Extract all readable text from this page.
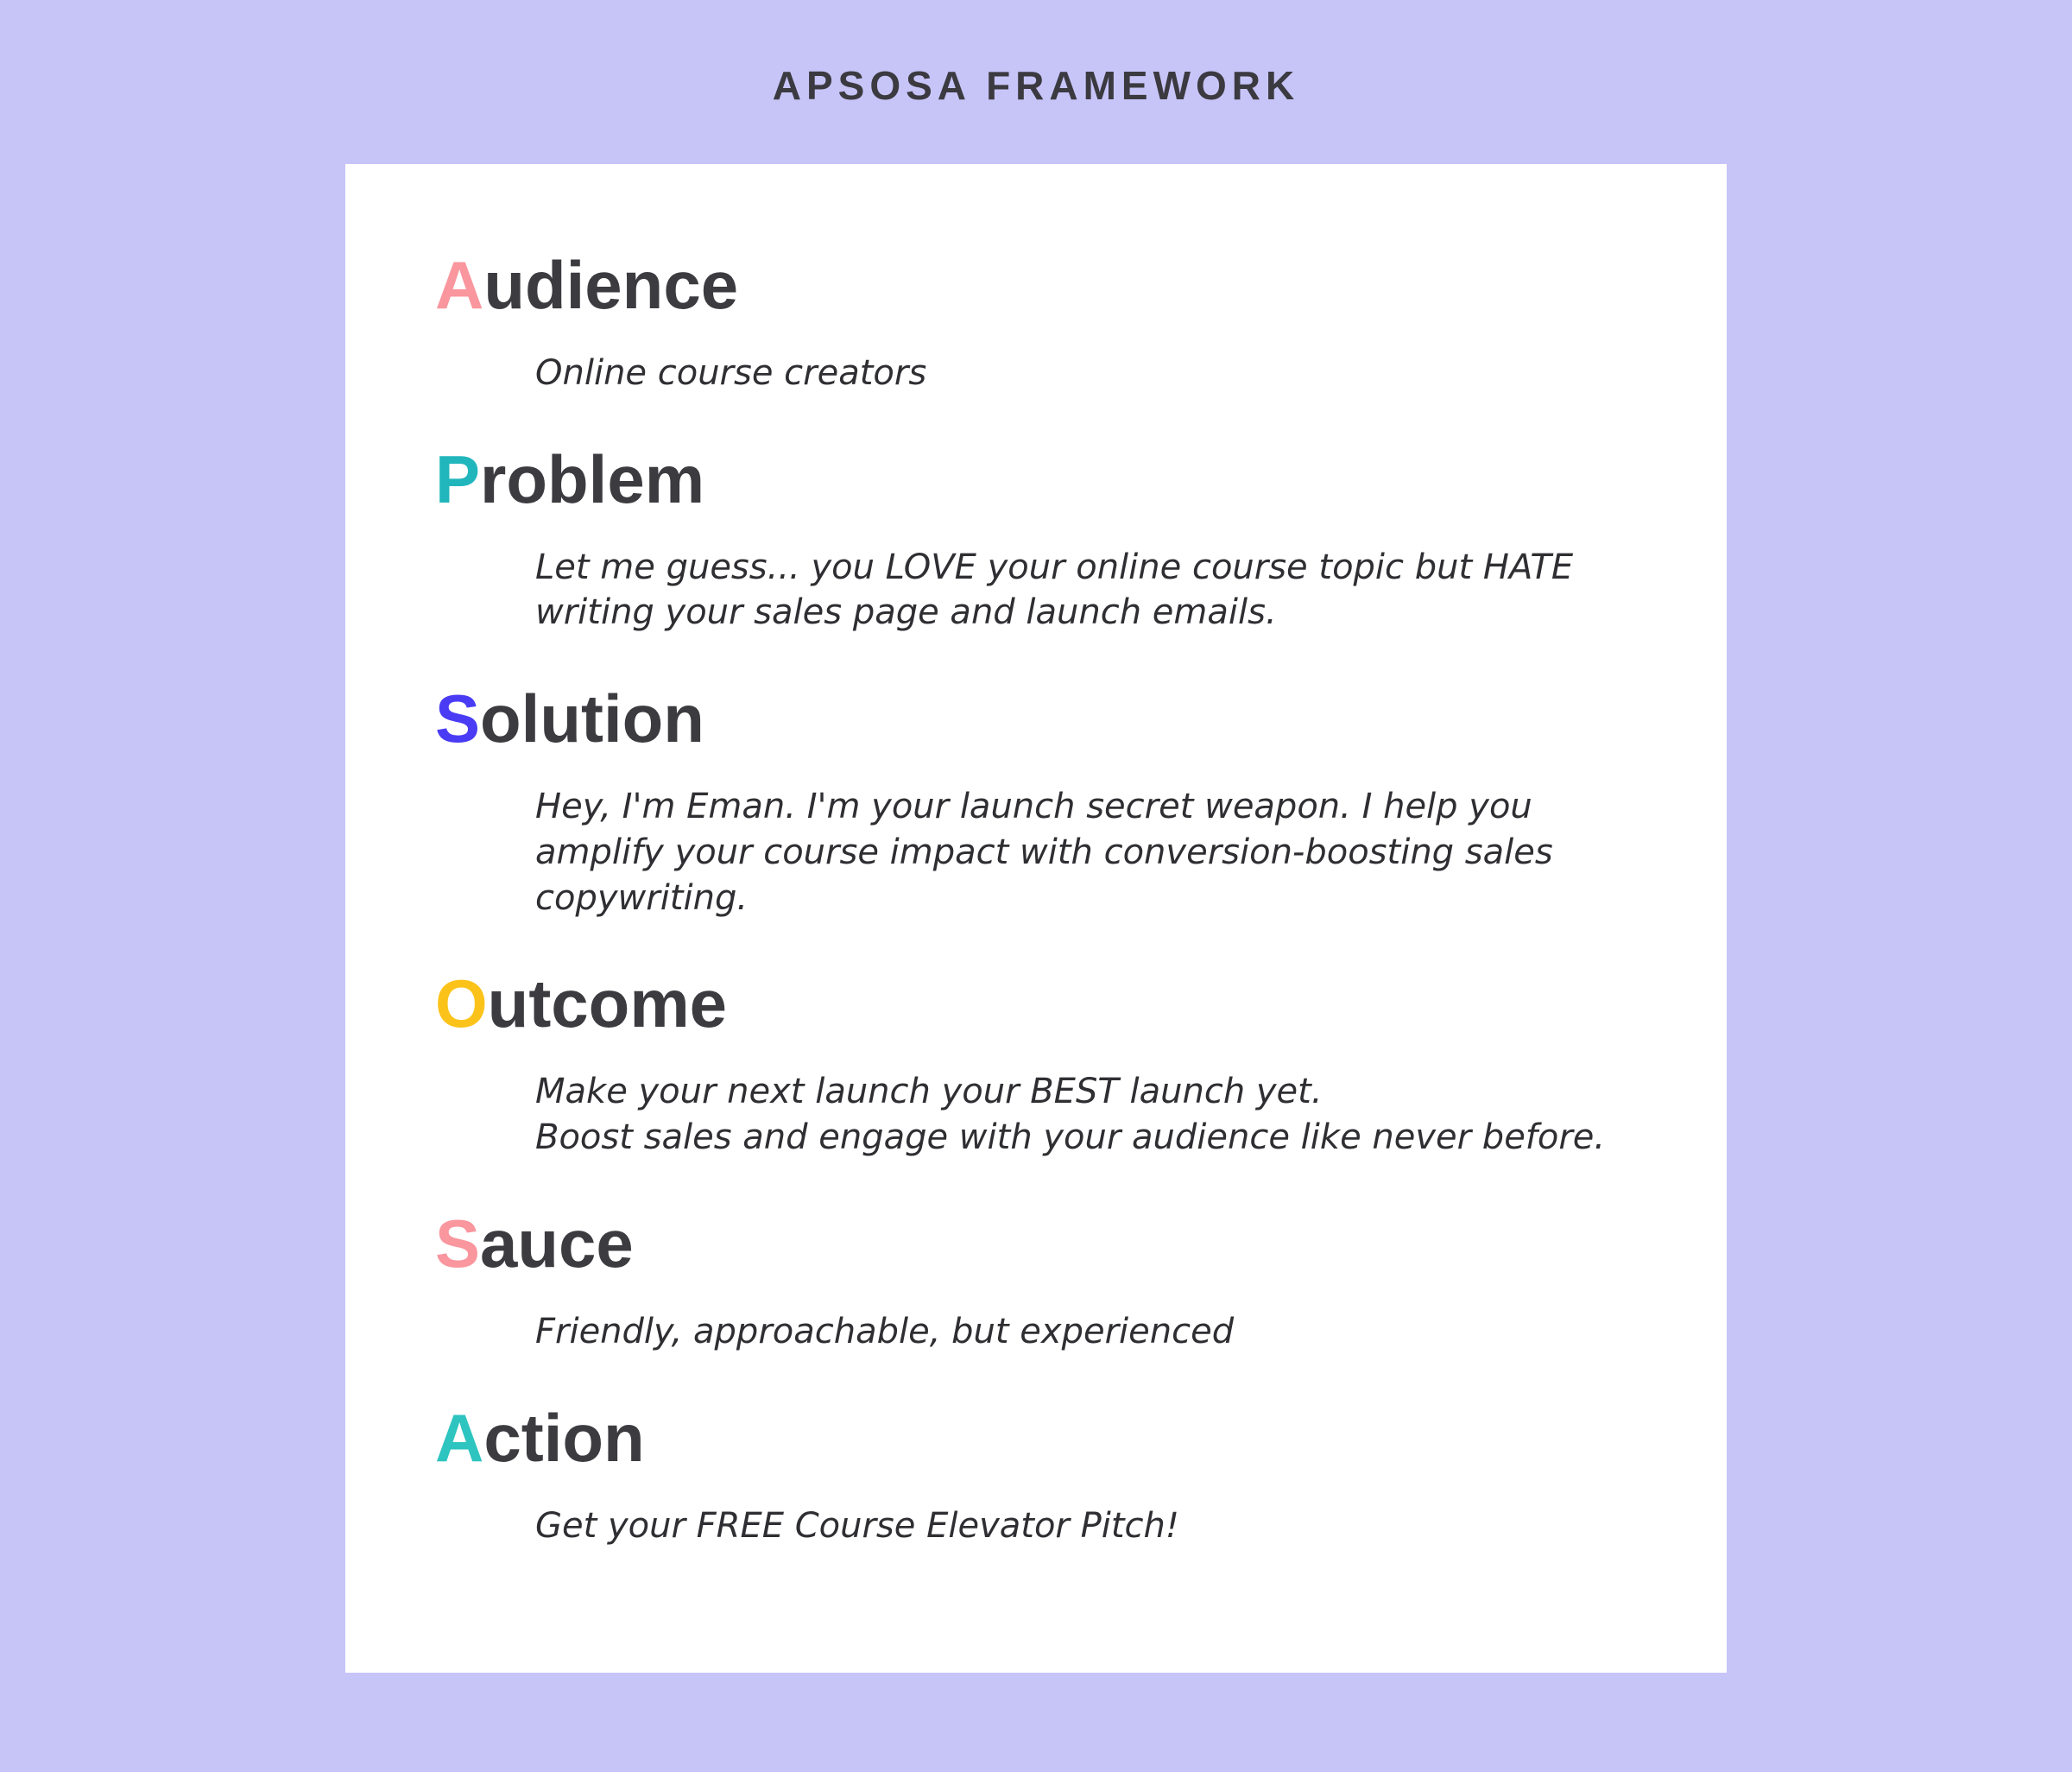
APSOSA FRAMEWORK
Audience
Online course creators
Problem
Let me guess... you LOVE your online course topic but HATE
writing your sales page and launch emails.
Solution
Hey, I'm Eman. I'm your launch secret weapon. I help you
amplify your course impact with conversion-boosting sales
copywriting.
Outcome
Make your next launch your BEST launch yet.
Boost sales and engage with your audience like never before.
Sauce
Friendly, approachable, but experienced
Action
Get your FREE Course Elevator Pitch!
